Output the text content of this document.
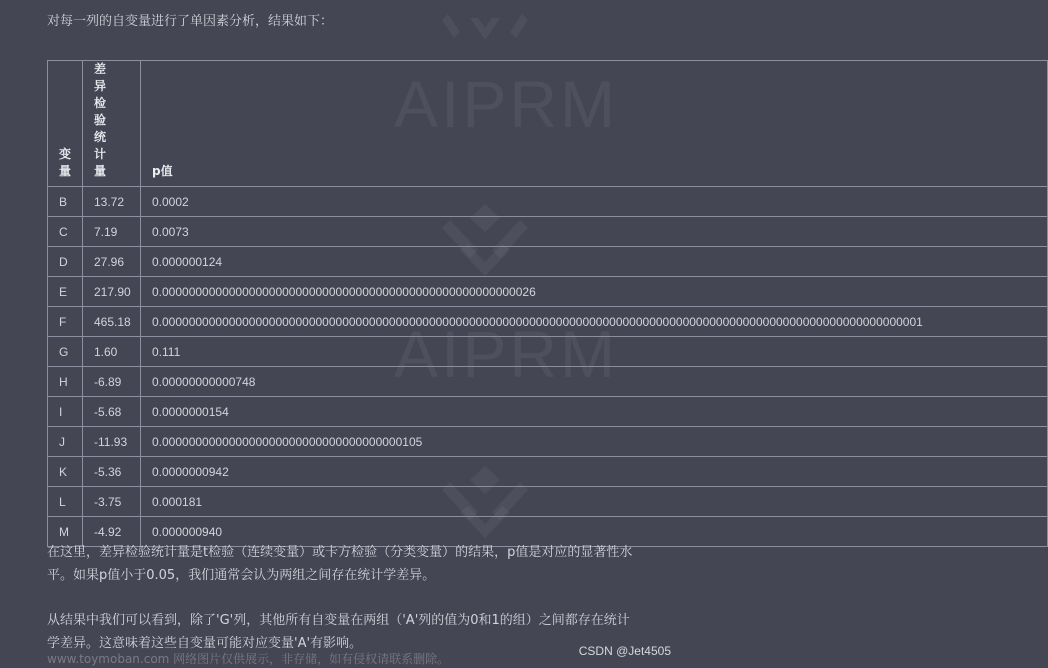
AIPRM
AIPRM
对每一列的自变量进行了单因素分析，结果如下：
变量	差异检验统计量	p值
B	13.72	0.0002
C	7.19	0.0073
D	27.96	0.000000124
E	217.90	0.00000000000000000000000000000000000000000000000000000026
F	465.18	0.000000000000000000000000000000000000000000000000000000000000000000000000000000000000000000000000000000000000000001
G	1.60	0.111
H	-6.89	0.00000000000748
I	-5.68	0.0000000154
J	-11.93	0.000000000000000000000000000000000000105
K	-5.36	0.0000000942
L	-3.75	0.000181
M	-4.92	0.000000940
在这里，差异检验统计量是t检验（连续变量）或卡方检验（分类变量）的结果，p值是对应的显著性水平。如果p值小于0.05，我们通常会认为两组之间存在统计学差异。
从结果中我们可以看到，除了'G'列，其他所有自变量在两组（'A'列的值为0和1的组）之间都存在统计学差异。这意味着这些自变量可能对应变量'A'有影响。
www.toymoban.com 网络图片仅供展示，非存储，如有侵权请联系删除。
CSDN @Jet4505
